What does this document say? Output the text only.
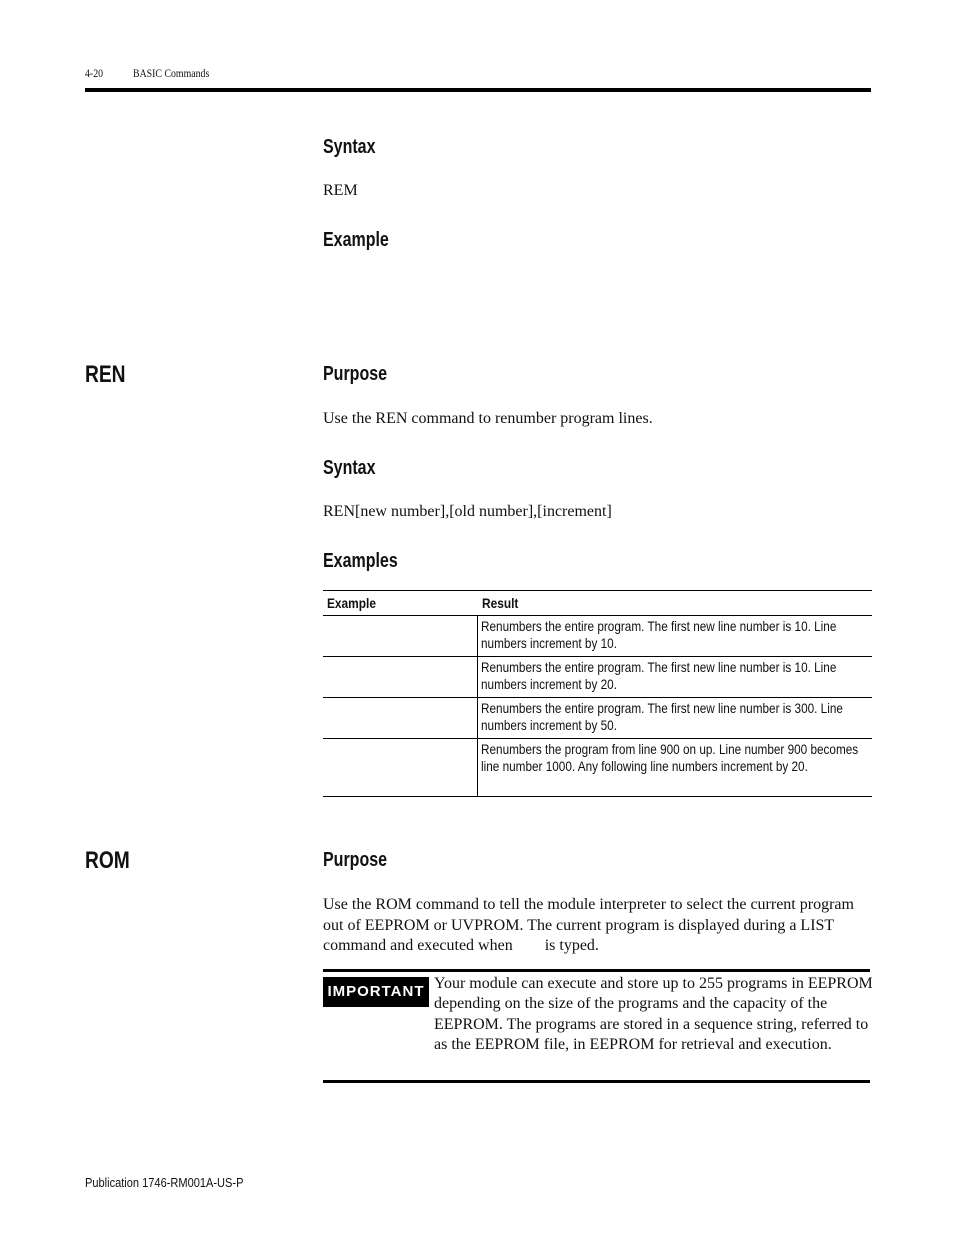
4-20 BASIC Commands
Syntax
REM
Example
REN	Purpose
Use the REN command to renumber program lines.
Syntax
REN[new number],[old number],[increment]
Examples
Example	Result
Renumbers the entire program. The first new line number is 10. Line numbers increment by 10.
Renumbers the entire program. The first new line number is 10. Line numbers increment by 20.
Renumbers the entire program. The first new line number is 300. Line numbers increment by 50.
Renumbers the program from line 900 on up. Line number 900 becomes line number 1000. Any following line numbers increment by 20.
ROM	Purpose
Use the ROM command to tell the module interpreter to select the current program out of EEPROM or UVPROM. The current program is displayed during a LIST command and executed when        is typed.
IMPORTANT Your module can execute and store up to 255 programs in EEPROM depending on the size of the programs and the capacity of the EEPROM. The programs are stored in a sequence string, referred to as the EEPROM file, in EEPROM for retrieval and execution.
Publication 1746-RM001A-US-P
